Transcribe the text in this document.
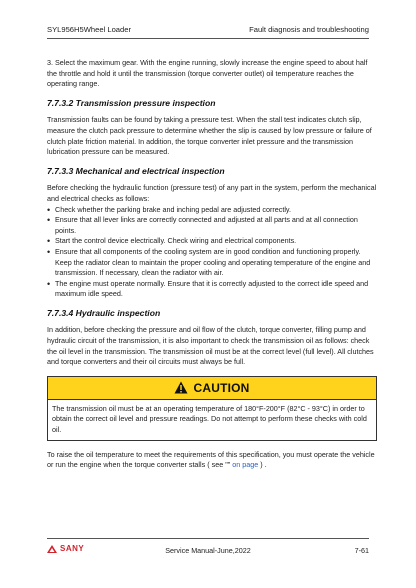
SYL956H5Wheel Loader	Fault diagnosis and troubleshooting

3. Select the maximum gear. With the engine running, slowly increase the engine speed to about half the throttle and hold it until the transmission (torque converter outlet) oil temperature reaches the operating range.

7.7.3.2 Transmission pressure inspection

Transmission faults can be found by taking a pressure test. When the stall test indicates clutch slip, measure the clutch pack pressure to determine whether the slip is caused by low pressure or failure of clutch plate friction material. In addition, the torque converter inlet pressure and the transmission lubrication pressure can be measured.

7.7.3.3 Mechanical and electrical inspection

Before checking the hydraulic function (pressure test) of any part in the system, perform the mechanical and electrical checks as follows:

• Check whether the parking brake and inching pedal are adjusted correctly.
• Ensure that all lever links are correctly connected and adjusted at all parts and at all connection points.
• Start the control device electrically. Check wiring and electrical components.
• Ensure that all components of the cooling system are in good condition and functioning properly. Keep the radiator clean to maintain the proper cooling and operating temperature of the engine and transmission. If necessary, clean the radiator with air.
• The engine must operate normally. Ensure that it is correctly adjusted to the correct idle speed and maximum idle speed.
7.7.3.4 Hydraulic inspection

In addition, before checking the pressure and oil flow of the clutch, torque converter, filling pump and hydraulic circuit of the transmission, it is also important to check the transmission oil as follows: check the oil level in the transmission. The transmission oil must be at the correct level (full level). All clutches and torque converters and their oil circuits must always be full.

CAUTION
The transmission oil must be at an operating temperature of 180°F-200°F (82°C - 93°C) in order to obtain the correct oil level and pressure readings. Do not attempt to perform these checks with cold oil.

To raise the oil temperature to meet the requirements of this specification, you must operate the vehicle or run the engine when the torque converter stalls ( see "" on page ) .

SANY	Service Manual-June,2022	7-61
